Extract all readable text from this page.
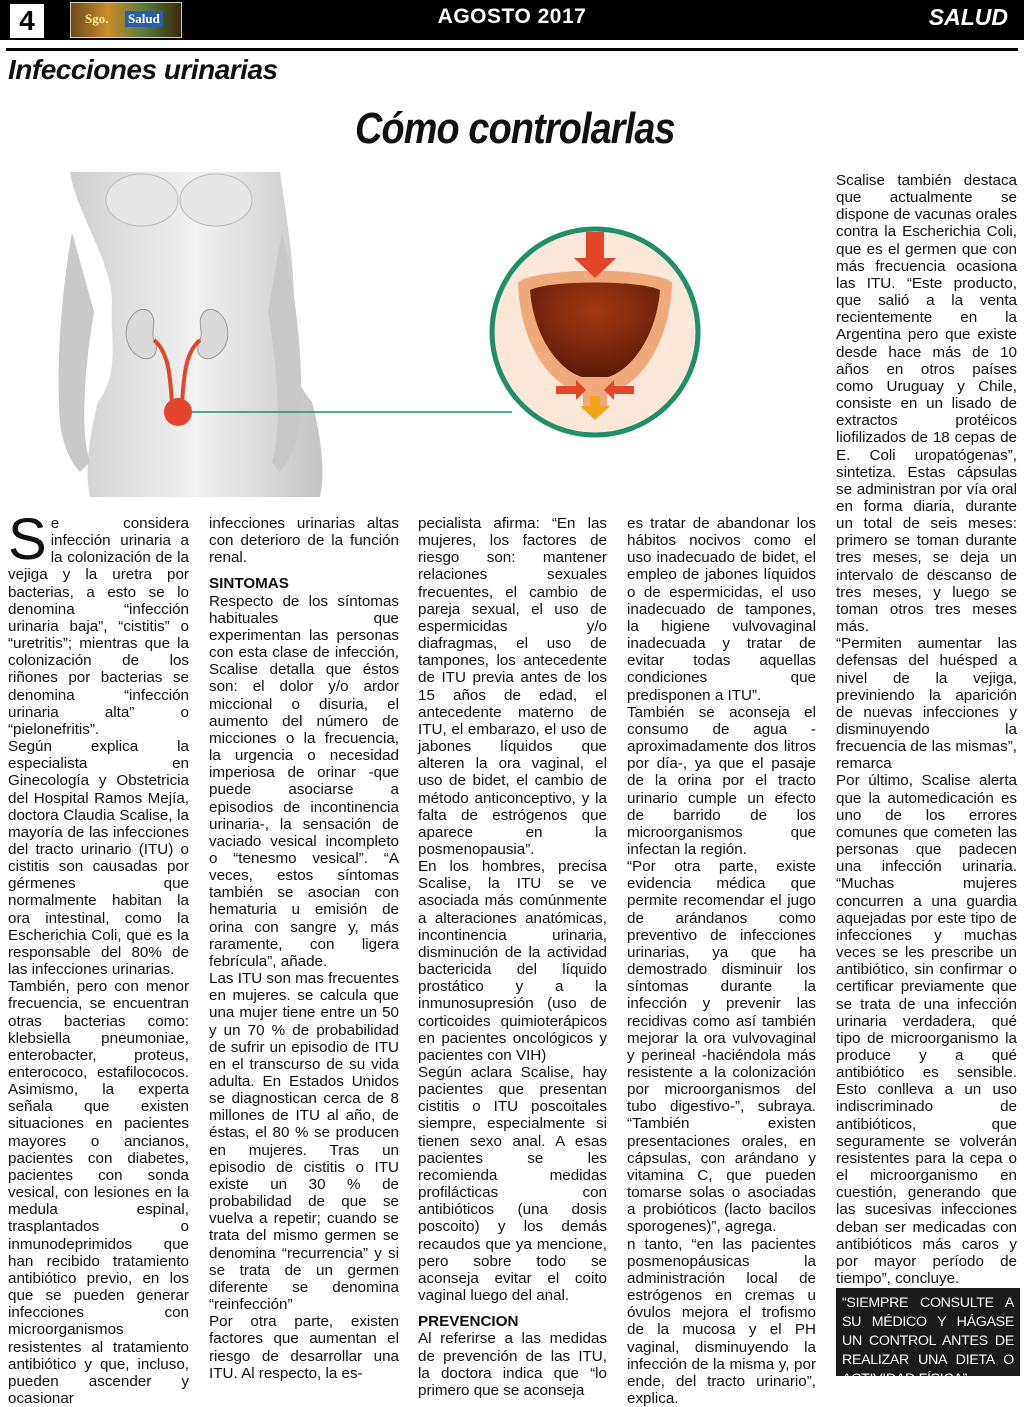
4	Sgo. Salud	AGOSTO 2017	SALUD
Infecciones urinarias
Cómo controlarlas

Se considera infección urinaria a la colonización de la vejiga y la uretra por bacterias, a esto se lo denomina “infección urinaria baja”, “cistitis” o “uretritis”; mientras que la colonización de los riñones por bacterias se denomina “infección urinaria alta” o “pielonefritis”.

Según explica la especialista en Ginecología y Obstetricia del Hospital Ramos Mejía, doctora Claudia Scalise, la mayoría de las infecciones del tracto urinario (ITU) o cistitis son causadas por gérmenes que normalmente habitan la ora intestinal, como la Escherichia Coli, que es la responsable del 80% de las infecciones urinarias.

También, pero con menor frecuencia, se encuentran otras bacterias como: klebsiella pneumoniae, enterobacter, proteus, enterococo, estafilococos. Asimismo, la experta señala que existen situaciones en pacientes mayores o ancianos, pacientes con diabetes, pacientes con sonda vesical, con lesiones en la medula espinal, trasplantados o inmunodeprimidos que han recibido tratamiento antibiótico previo, en los que se pueden generar infecciones con microorganismos resistentes al tratamiento antibiótico y que, incluso, pueden ascender y ocasionar

infecciones urinarias altas con deterioro de la función renal.

SINTOMAS

Respecto de los síntomas habituales que experimentan las personas con esta clase de infección, Scalise detalla que éstos son: el dolor y/o ardor miccional o disuria, el aumento del número de micciones o la frecuencia, la urgencia o necesidad imperiosa de orinar -que puede asociarse a episodios de incontinencia urinaria-, la sensación de vaciado vesical incompleto o “tenesmo vesical”. “A veces, estos síntomas también se asocian con hematuria u emisión de orina con sangre y, más raramente, con ligera febrícula”, añade.

Las ITU son mas frecuentes en mujeres. se calcula que una mujer tiene entre un 50 y un 70 % de probabilidad de sufrir un episodio de ITU en el transcurso de su vida adulta. En Estados Unidos se diagnostican cerca de 8 millones de ITU al año, de éstas, el 80 % se producen en mujeres. Tras un episodio de cistitis o ITU existe un 30 % de probabilidad de que se vuelva a repetir; cuando se trata del mismo germen se denomina “recurrencia” y si se trata de un germen diferente se denomina “reinfección”

Por otra parte, existen factores que aumentan el riesgo de desarrollar una ITU. Al respecto, la es-

pecialista afirma: “En las mujeres, los factores de riesgo son: mantener relaciones sexuales frecuentes, el cambio de pareja sexual, el uso de espermicidas y/o diafragmas, el uso de tampones, los antecedente de ITU previa antes de los 15 años de edad, el antecedente materno de ITU, el embarazo, el uso de jabones líquidos que alteren la ora vaginal, el uso de bidet, el cambio de método anticonceptivo, y la falta de estrógenos que aparece en la posmenopausia”.

En los hombres, precisa Scalise, la ITU se ve asociada más comúnmente a alteraciones anatómicas, incontinencia urinaria, disminución de la actividad bactericida del líquido prostático y a la inmunosupresión (uso de corticoides quimioterápicos en pacientes oncológicos y pacientes con VIH)

Según aclara Scalise, hay pacientes que presentan cistitis o ITU poscoitales siempre, especialmente si tienen sexo anal. A esas pacientes se les recomienda medidas profilácticas con antibióticos (una dosis poscoito) y los demás recaudos que ya mencione, pero sobre todo se aconseja evitar el coito vaginal luego del anal.

PREVENCION

Al referirse a las medidas de prevención de las ITU, la doctora indica que “lo primero que se aconseja

es tratar de abandonar los hábitos nocivos como el uso inadecuado de bidet, el empleo de jabones líquidos o de espermicidas, el uso inadecuado de tampones, la higiene vulvovaginal inadecuada y tratar de evitar todas aquellas condiciones que predisponen a ITU”.

También se aconseja el consumo de agua -aproximadamente dos litros por día-, ya que el pasaje de la orina por el tracto urinario cumple un efecto de barrido de los microorganismos que infectan la región.

“Por otra parte, existe evidencia médica que permite recomendar el jugo de arándanos como preventivo de infecciones urinarias, ya que ha demostrado disminuir los síntomas durante la infección y prevenir las recidivas como así también mejorar la ora vulvovaginal y perineal -haciéndola más resistente a la colonización por microorganismos del tubo digestivo-”, subraya. “También existen presentaciones orales, en cápsulas, con arándano y vitamina C, que pueden tomarse solas o asociadas a probióticos (lacto bacilos sporogenes)”, agrega.

n tanto, “en las pacientes posmenopáusicas la administración local de estrógenos en cremas u óvulos mejora el trofismo de la mucosa y el PH vaginal, disminuyendo la infección de la misma y, por ende, del tracto urinario”, explica.

Scalise también destaca que actualmente se dispone de vacunas orales contra la Escherichia Coli, que es el germen que con más frecuencia ocasiona las ITU. “Este producto, que salió a la venta recientemente en la Argentina pero que existe desde hace más de 10 años en otros países como Uruguay y Chile, consiste en un lisado de extractos protéicos liofilizados de 18 cepas de E. Coli uropatógenas”, sintetiza. Estas cápsulas se administran por vía oral en forma diaria, durante un total de seis meses: primero se toman durante tres meses, se deja un intervalo de descanso de tres meses, y luego se toman otros tres meses más.

“Permiten aumentar las defensas del huésped a nivel de la vejiga, previniendo la aparición de nuevas infecciones y disminuyendo la frecuencia de las mismas”, remarca

Por último, Scalise alerta que la automedicación es uno de los errores comunes que cometen las personas que padecen una infección urinaria. “Muchas mujeres concurren a una guardia aquejadas por este tipo de infecciones y muchas veces se les prescribe un antibiótico, sin confirmar o certificar previamente que se trata de una infección urinaria verdadera, qué tipo de microorganismo la produce y a qué antibiótico es sensible. Esto conlleva a un uso indiscriminado de antibióticos, que seguramente se volverán resistentes para la cepa o el microorganismo en cuestión, generando que las sucesivas infecciones deban ser medicadas con antibióticos más caros y por mayor período de tiempo”, concluye.

“SIEMPRE CONSULTE A SU MÉDICO Y HÁGASE UN CONTROL ANTES DE REALIZAR UNA DIETA O ACTIVIDAD FÍSICA”
